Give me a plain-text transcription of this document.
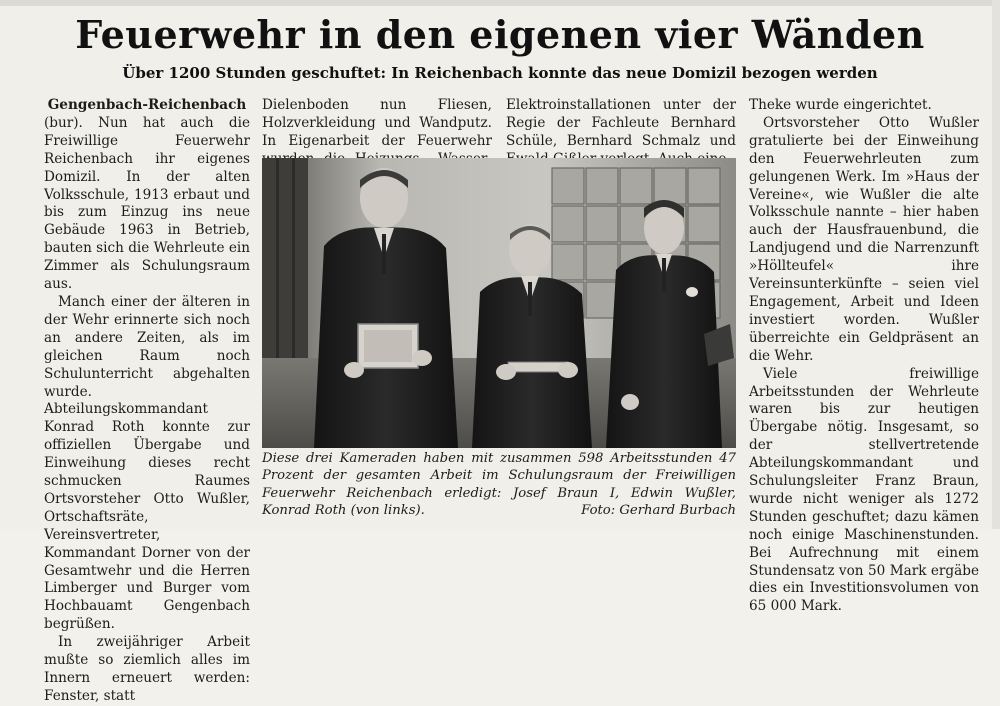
Feuerwehr in den eigenen vier Wänden
Über 1200 Stunden geschuftet: In Reichenbach konnte das neue Domizil bezogen werden

Gengenbach-Reichenbach

(bur). Nun hat auch die Freiwillige Feuerwehr Reichenbach ihr eigenes Domizil. In der alten Volksschule, 1913 erbaut und bis zum Einzug ins neue Gebäude 1963 in Betrieb, bauten sich die Wehrleute ein Zimmer als Schulungsraum aus.

Manch einer der älteren in der Wehr erinnerte sich noch an andere Zeiten, als im gleichen Raum noch Schulunterricht abgehalten wurde. Abteilungskommandant Konrad Roth konnte zur offiziellen Übergabe und Einweihung dieses recht schmucken Raumes Ortsvorsteher Otto Wußler, Ortschaftsräte, Vereinsvertreter, Kommandant Dorner von der Gesamtwehr und die Herren Limberger und Burger vom Hochbauamt Gengenbach begrüßen.

In zweijähriger Arbeit mußte so ziemlich alles im Innern erneuert werden: Fenster, statt

Dielenboden nun Fliesen, Holzverkleidung und Wandputz. In Eigenarbeit der Feuerwehr

Elektroinstallationen unter der Regie der Fachleute Bernhard Schüle, Bernhard Schmalz und

Theke wurde eingerichtet.

Ortsvorsteher Otto Wußler gratulierte bei der Einweihung den Feuerwehrleuten zum gelungenen Werk. Im »Haus der Vereine«, wie Wußler die alte Volksschule nannte – hier haben auch der Hausfrauenbund, die Landjugend und die Narrenzunft »Höllteufel« ihre Vereinsunterkünfte – seien viel Engagement, Arbeit und Ideen investiert worden. Wußler überreichte ein Geldpräsent an die Wehr.

Viele freiwillige Arbeitsstunden der Wehrleute waren bis zur heutigen Übergabe nötig. Insgesamt, so der stellvertretende Abteilungskommandant und Schulungsleiter Franz Braun, wurde nicht weniger als 1272 Stunden geschuftet; dazu kämen noch einige Maschinenstunden. Bei Aufrechnung mit einem Stundensatz von 50 Mark ergäbe dies ein Investitionsvolumen von 65 000 Mark.

Diese drei Kameraden haben mit zusammen 598 Arbeitsstunden 47 Prozent der gesamten Arbeit im Schulungsraum der Freiwilligen Feuerwehr Reichenbach erledigt: Josef Braun I, Edwin Wußler, Konrad Roth (von links).	Foto: Gerhard Burbach
